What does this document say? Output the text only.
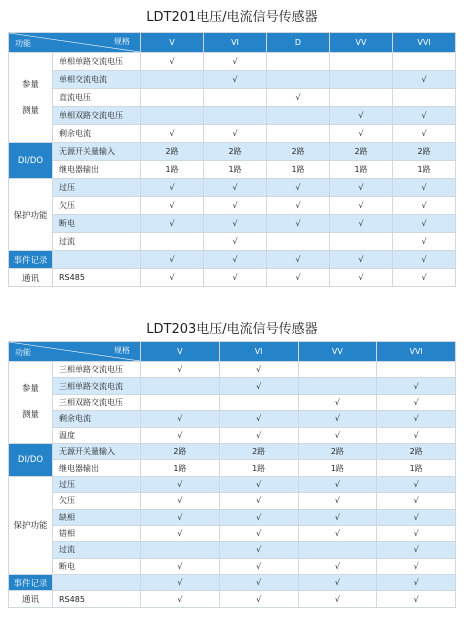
LDT201电压/电流信号传感器
规格
功能		V	VI	D	VV	VVI

参量
测量	单相单路交流电压	√	√			
	单相交流电流		√			√
	直流电压			√		
	单相双路交流电压				√	√
	剩余电流	√	√		√	√
DI/DO	无源开关量输入	2路	2路	2路	2路	2路
	继电器输出	1路	1路	1路	1路	1路
保护功能	过压	√	√	√	√	√
	欠压	√	√	√	√	√
	断电	√	√	√	√	√
	过流		√			√
事件记录		√	√	√	√	√
通讯	RS485	√	√	√	√	√
LDT203电压/电流信号传感器
规格
功能		V	VI	VV	VVI

参量
测量	三相单路交流电压	√	√		
	三相单路交流电流		√		√
	三相双路交流电压			√	√
	剩余电流	√	√	√	√
	温度	√	√	√	√
DI/DO	无源开关量输入	2路	2路	2路	2路
	继电器输出	1路	1路	1路	1路
保护功能	过压	√	√	√	√
	欠压	√	√	√	√
	缺相	√	√	√	√
	错相	√	√	√	√
	过流		√		√
	断电	√	√	√	√
事件记录		√	√	√	√
通讯	RS485	√	√	√	√
